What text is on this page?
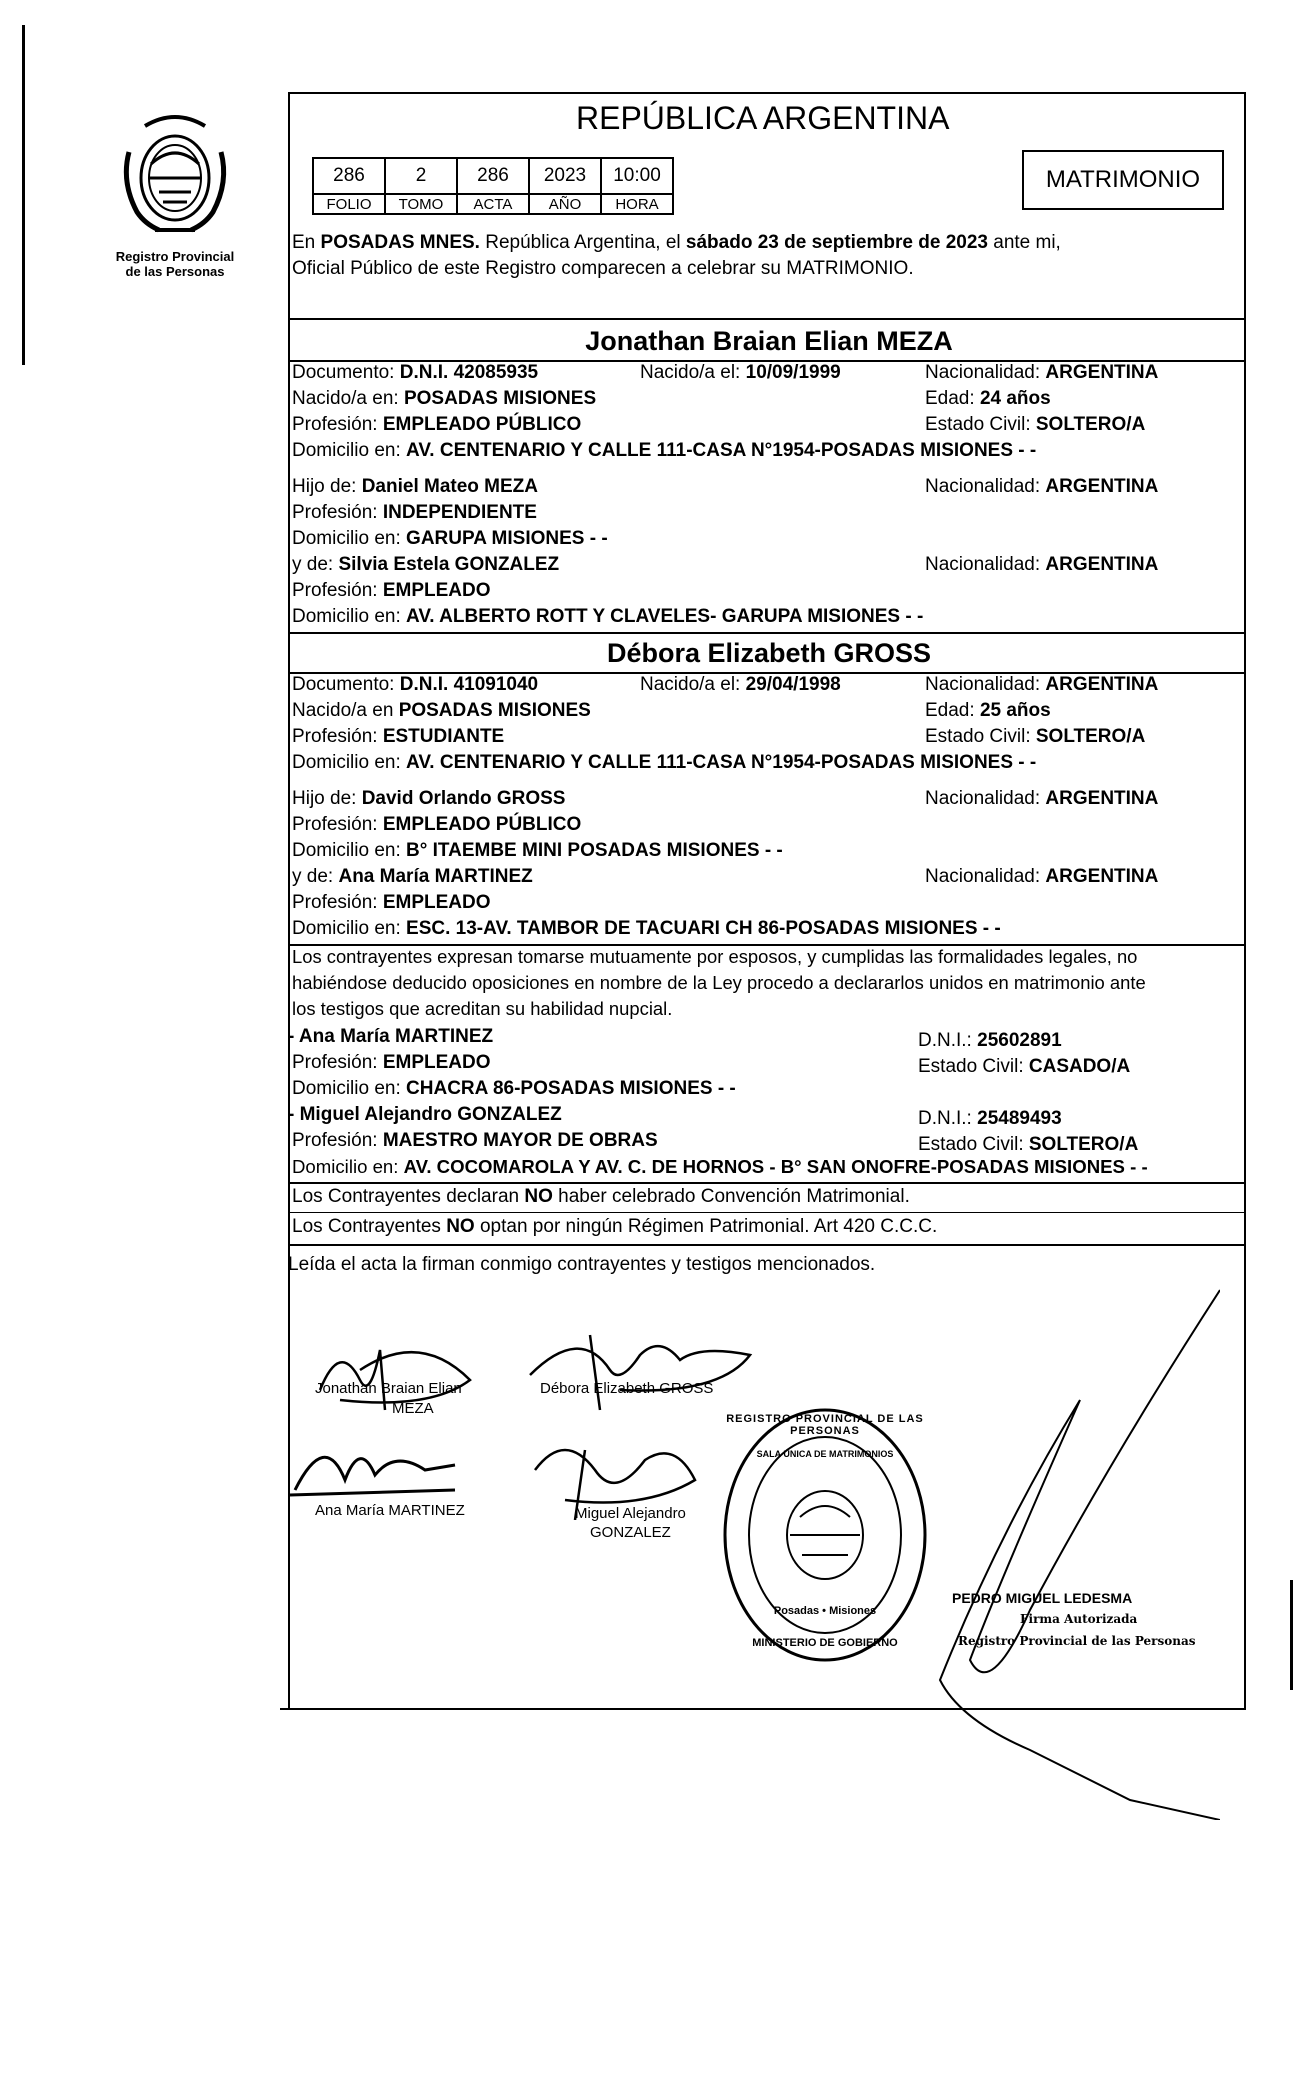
Registro Provincial
de las Personas
REPÚBLICA ARGENTINA
286	2	286	2023	10:00
FOLIO	TOMO	ACTA	AÑO	HORA
MATRIMONIO
En POSADAS MNES. República Argentina, el sábado 23 de septiembre de 2023 ante mi,
Oficial Público de este Registro comparecen a celebrar su MATRIMONIO.
Jonathan Braian Elian MEZA
Documento: D.N.I. 42085935	Nacido/a el: 10/09/1999	Nacionalidad: ARGENTINA
Nacido/a en: POSADAS MISIONES	Edad: 24 años
Profesión: EMPLEADO PÚBLICO	Estado Civil: SOLTERO/A
Domicilio en: AV. CENTENARIO Y CALLE 111-CASA N°1954-POSADAS MISIONES - -
Hijo de: Daniel Mateo MEZA	Nacionalidad: ARGENTINA
Profesión: INDEPENDIENTE
Domicilio en: GARUPA MISIONES - -
y de: Silvia Estela GONZALEZ	Nacionalidad: ARGENTINA
Profesión: EMPLEADO
Domicilio en: AV. ALBERTO ROTT Y CLAVELES- GARUPA MISIONES - -
Débora Elizabeth GROSS
Documento: D.N.I. 41091040	Nacido/a el: 29/04/1998	Nacionalidad: ARGENTINA
Nacido/a en POSADAS MISIONES	Edad: 25 años
Profesión: ESTUDIANTE	Estado Civil: SOLTERO/A
Domicilio en: AV. CENTENARIO Y CALLE 111-CASA N°1954-POSADAS MISIONES - -
Hijo de: David Orlando GROSS	Nacionalidad: ARGENTINA
Profesión: EMPLEADO PÚBLICO
Domicilio en: B° ITAEMBE MINI POSADAS MISIONES - -
y de: Ana María MARTINEZ	Nacionalidad: ARGENTINA
Profesión: EMPLEADO
Domicilio en: ESC. 13-AV. TAMBOR DE TACUARI CH 86-POSADAS MISIONES - -
Los contrayentes expresan tomarse mutuamente por esposos, y cumplidas las formalidades legales, no
habiéndose deducido oposiciones en nombre de la Ley procedo a declararlos unidos en matrimonio ante
los testigos que acreditan su habilidad nupcial.
- Ana María MARTINEZ	D.N.I.: 25602891
Profesión: EMPLEADO	Estado Civil: CASADO/A
Domicilio en: CHACRA 86-POSADAS MISIONES - -
- Miguel Alejandro GONZALEZ	D.N.I.: 25489493
Profesión: MAESTRO MAYOR DE OBRAS	Estado Civil: SOLTERO/A
Domicilio en: AV. COCOMAROLA Y AV. C. DE HORNOS - B° SAN ONOFRE-POSADAS MISIONES - -
Los Contrayentes declaran NO haber celebrado Convención Matrimonial.
Los Contrayentes NO optan por ningún Régimen Patrimonial. Art 420 C.C.C.
Leída el acta la firman conmigo contrayentes y testigos mencionados.
Jonathan Braian Elian
MEZA
Débora Elizabeth GROSS
Ana María MARTINEZ	Miguel Alejandro
GONZALEZ
REGISTRO PROVINCIAL DE LAS PERSONAS
SALA ÚNICA DE MATRIMONIOS
Posadas • Misiones
MINISTERIO DE GOBIERNO
PEDRO MIGUEL LEDESMA
Firma Autorizada
Registro Provincial de las Personas
